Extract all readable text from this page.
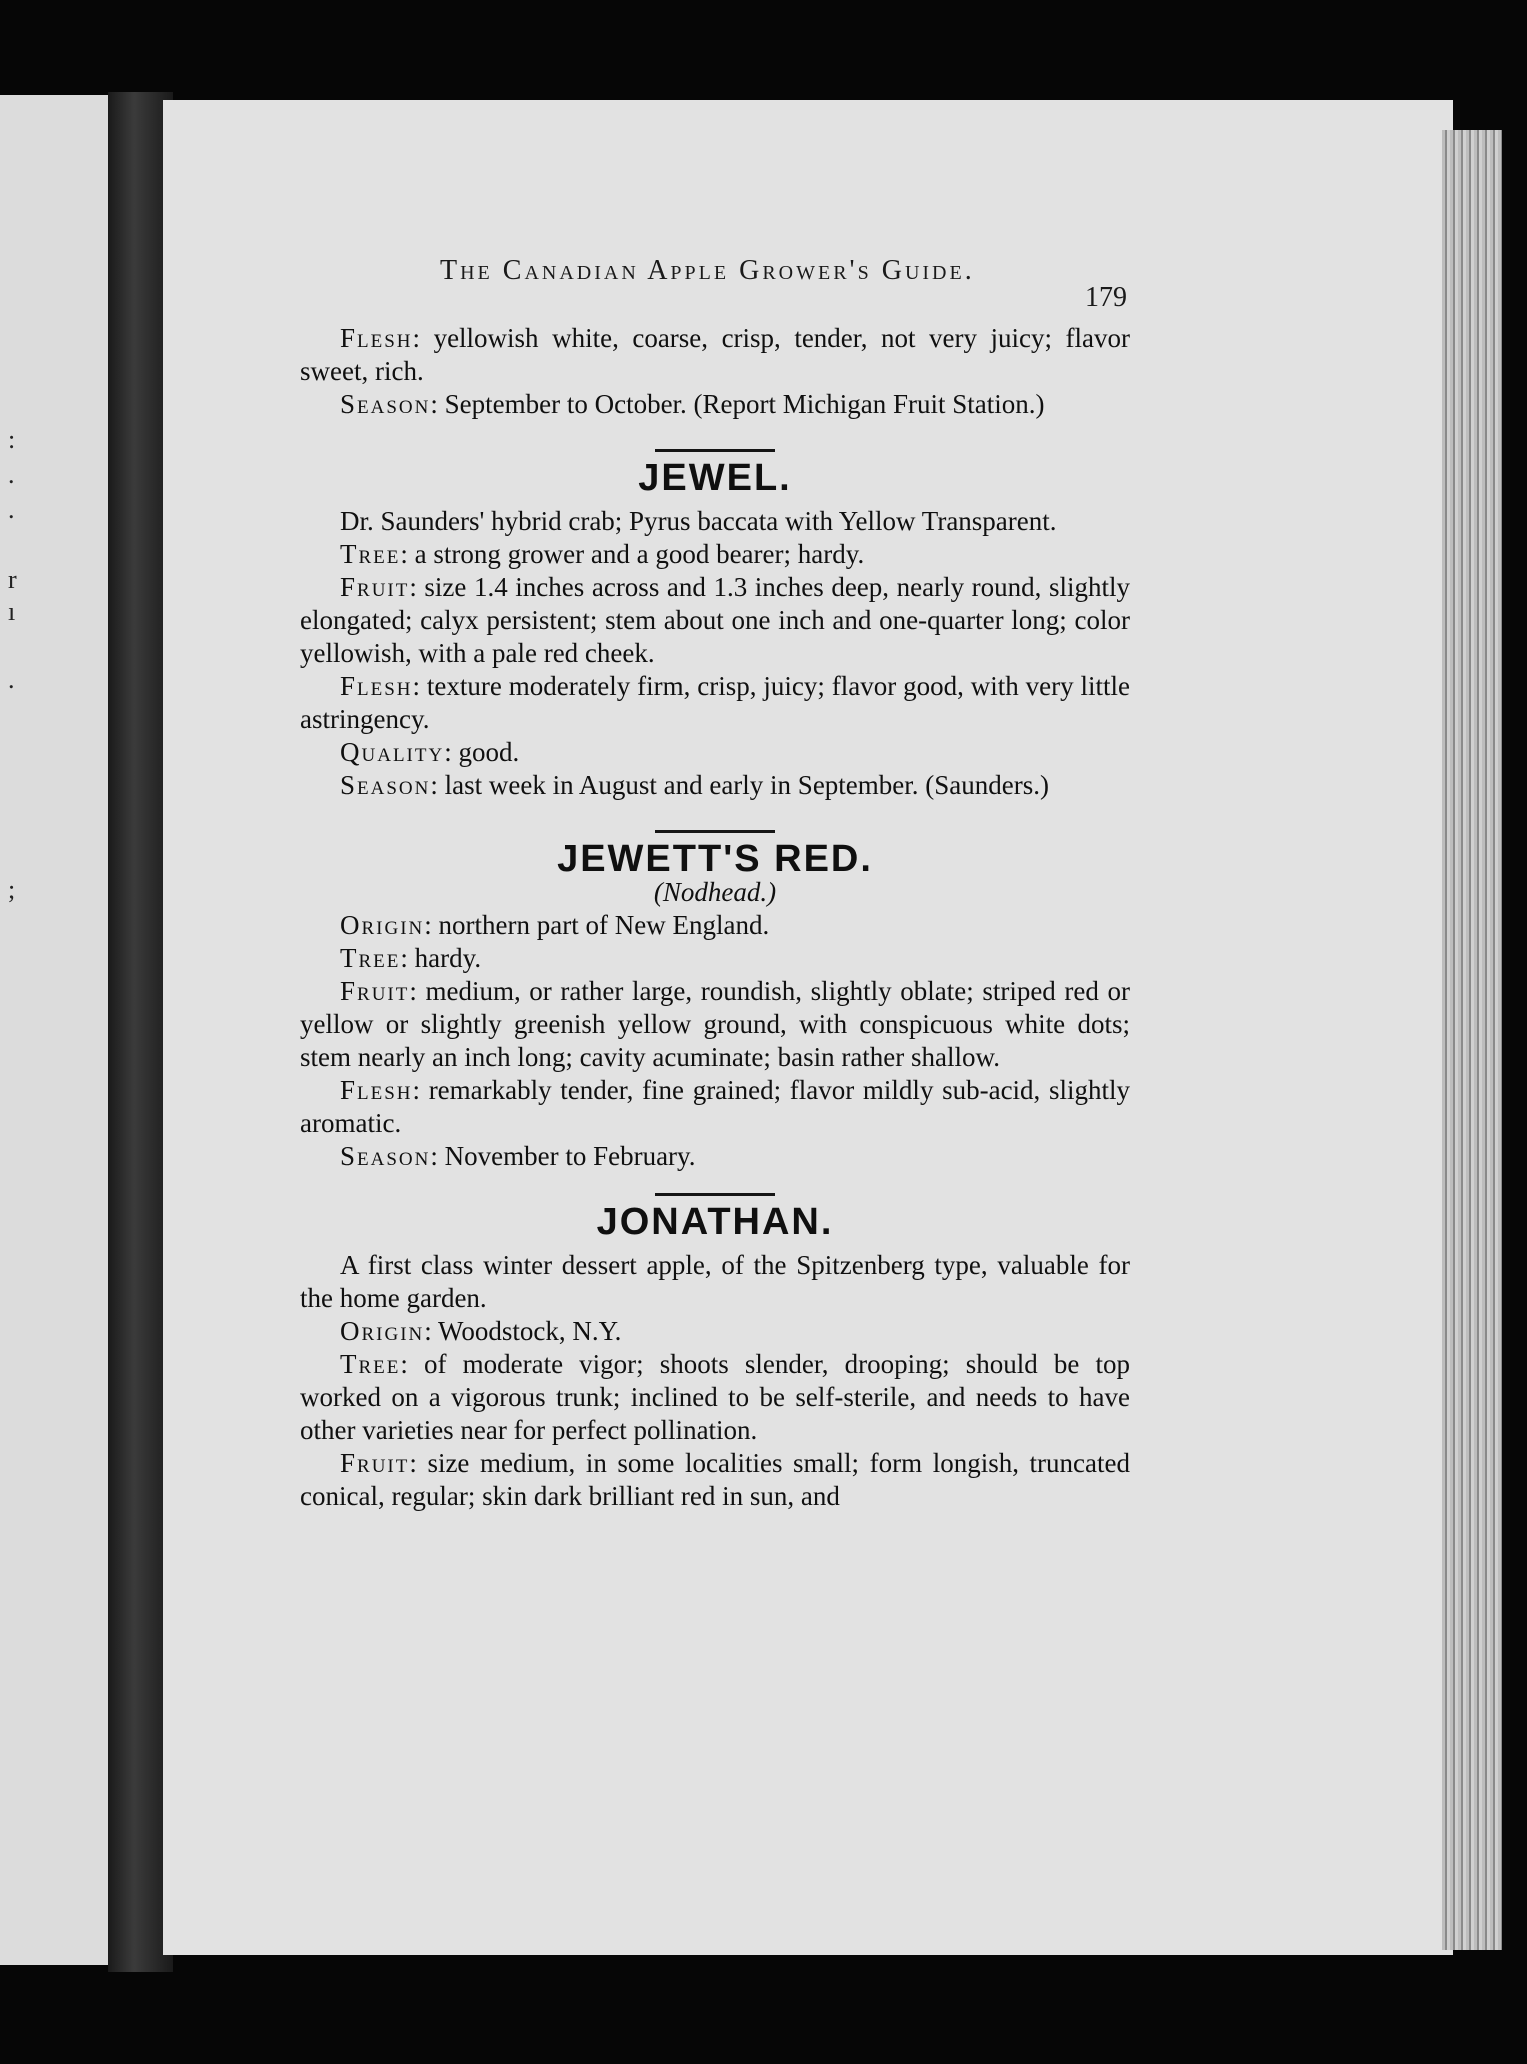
:
.
.
r
ı
.
;
The Canadian Apple Grower's Guide.
179

Flesh: yellowish white, coarse, crisp, tender, not very juicy; flavor sweet, rich.

Season: September to October. (Report Michigan Fruit Station.)

JEWEL.

Dr. Saunders' hybrid crab; Pyrus baccata with Yellow Transparent.

Tree: a strong grower and a good bearer; hardy.

Fruit: size 1.4 inches across and 1.3 inches deep, nearly round, slightly elongated; calyx persistent; stem about one inch and one-quarter long; color yellowish, with a pale red cheek.

Flesh: texture moderately firm, crisp, juicy; flavor good, with very little astringency.

Quality: good.

Season: last week in August and early in September. (Saunders.)

JEWETT'S RED.

(Nodhead.)

Origin: northern part of New England.

Tree: hardy.

Fruit: medium, or rather large, roundish, slightly oblate; striped red or yellow or slightly greenish yellow ground, with conspicuous white dots; stem nearly an inch long; cavity acuminate; basin rather shallow.

Flesh: remarkably tender, fine grained; flavor mildly sub-acid, slightly aromatic.

Season: November to February.

JONATHAN.

A first class winter dessert apple, of the Spitzenberg type, valuable for the home garden.

Origin: Woodstock, N.Y.

Tree: of moderate vigor; shoots slender, drooping; should be top worked on a vigorous trunk; inclined to be self-sterile, and needs to have other varieties near for perfect pollination.

Fruit: size medium, in some localities small; form longish, truncated conical, regular; skin dark brilliant red in sun, and
